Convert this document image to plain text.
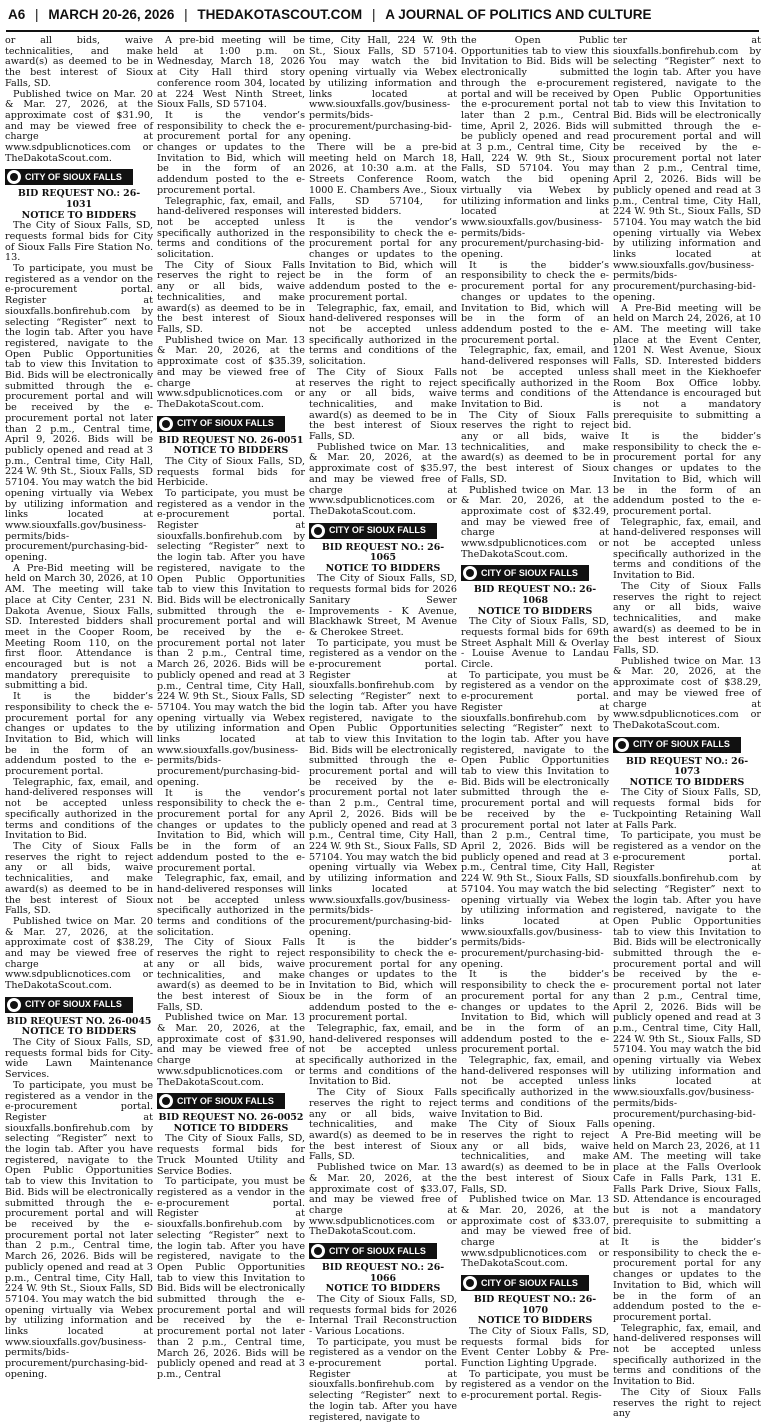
A6 | MARCH 20-26, 2026 | THEDAKOTASCOUT.COM | A JOURNAL OF POLITICS AND CULTURE

or all bids, waive technicalities, and make award(s) as deemed to be in the best interest of Sioux Falls, SD.

Published twice on Mar. 20 & Mar. 27, 2026, at the approximate cost of $31.90, and may be viewed free of charge at www.sdpublicnotices.com or TheDakotaScout.com.

CITY OF SIOUX FALLS
BID REQUEST NO.: 26-1031
NOTICE TO BIDDERS

The City of Sioux Falls, SD, requests formal bids for City of Sioux Falls Fire Station No. 13.

To participate, you must be registered as a vendor on the e-procurement portal. Register at siouxfalls.bonfirehub.com by selecting “Register” next to the login tab. After you have registered, navigate to the Open Public Opportunities tab to view this Invitation to Bid. Bids will be electronically submitted through the e-procurement portal and will be received by the e-procurement portal not later than 2 p.m., Central time, April 9, 2026. Bids will be publicly opened and read at 3 p.m., Central time, City Hall, 224 W. 9th St., Sioux Falls, SD 57104. You may watch the bid opening virtually via Webex by utilizing information and links located at www.siouxfalls.gov/business-permits/bids-procurement/purchasing-bid-opening.

A Pre-Bid meeting will be held on March 30, 2026, at 10 AM. The meeting will take place at City Center, 231 N. Dakota Avenue, Sioux Falls, SD. Interested bidders shall meet in the Cooper Room, Meeting Room 110, on the first floor. Attendance is encouraged but is not a mandatory prerequisite to submitting a bid.

It is the bidder’s responsibility to check the e-procurement portal for any changes or updates to the Invitation to Bid, which will be in the form of an addendum posted to the e-procurement portal.

Telegraphic, fax, email, and hand-delivered responses will not be accepted unless specifically authorized in the terms and conditions of the Invitation to Bid.

The City of Sioux Falls reserves the right to reject any or all bids, waive technicalities, and make award(s) as deemed to be in the best interest of Sioux Falls, SD.

Published twice on Mar. 20 & Mar. 27, 2026, at the approximate cost of $38.29, and may be viewed free of charge at www.sdpublicnotices.com or TheDakotaScout.com.

CITY OF SIOUX FALLS
BID REQUEST NO. 26-0045
NOTICE TO BIDDERS

The City of Sioux Falls, SD, requests formal bids for City-wide Lawn Maintenance Services.

To participate, you must be registered as a vendor in the e-procurement portal. Register at siouxfalls.bonfirehub.com by selecting “Register” next to the login tab. After you have registered, navigate to the Open Public Opportunities tab to view this Invitation to Bid. Bids will be electronically submitted through the e-procurement portal and will be received by the e-procurement portal not later than 2 p.m., Central time, March 26, 2026. Bids will be publicly opened and read at 3 p.m., Central time, City Hall, 224 W. 9th St., Sioux Falls, SD 57104. You may watch the bid opening virtually via Webex by utilizing information and links located at www.siouxfalls.gov/business-permits/bids-procurement/purchasing-bid-opening.

A pre-bid meeting will be held at 1:00 p.m. on Wednesday, March 18, 2026 at City Hall third story conference room 304, located at 224 West Ninth Street, Sioux Falls, SD 57104.

It is the vendor’s responsibility to check the e-procurement portal for any changes or updates to the Invitation to Bid, which will be in the form of an addendum posted to the e-procurement portal.

Telegraphic, fax, email, and hand-delivered responses will not be accepted unless specifically authorized in the terms and conditions of the solicitation.

The City of Sioux Falls reserves the right to reject any or all bids, waive technicalities, and make award(s) as deemed to be in the best interest of Sioux Falls, SD.

Published twice on Mar. 13 & Mar. 20, 2026, at the approximate cost of $35.39, and may be viewed free of charge at www.sdpublicnotices.com or TheDakotaScout.com.

CITY OF SIOUX FALLS
BID REQUEST NO. 26-0051
NOTICE TO BIDDERS

The City of Sioux Falls, SD, requests formal bids for Herbicide.

To participate, you must be registered as a vendor in the e-procurement portal. Register at siouxfalls.bonfirehub.com by selecting “Register” next to the login tab. After you have registered, navigate to the Open Public Opportunities tab to view this Invitation to Bid. Bids will be electronically submitted through the e-procurement portal and will be received by the e-procurement portal not later than 2 p.m., Central time, March 26, 2026. Bids will be publicly opened and read at 3 p.m., Central time, City Hall, 224 W. 9th St., Sioux Falls, SD 57104. You may watch the bid opening virtually via Webex by utilizing information and links located at www.siouxfalls.gov/business-permits/bids-procurement/purchasing-bid-opening.

It is the vendor’s responsibility to check the e-procurement portal for any changes or updates to the Invitation to Bid, which will be in the form of an addendum posted to the e-procurement portal.

Telegraphic, fax, email, and hand-delivered responses will not be accepted unless specifically authorized in the terms and conditions of the solicitation.

The City of Sioux Falls reserves the right to reject any or all bids, waive technicalities, and make award(s) as deemed to be in the best interest of Sioux Falls, SD.

Published twice on Mar. 13 & Mar. 20, 2026, at the approximate cost of $31.90, and may be viewed free of charge at www.sdpublicnotices.com or TheDakotaScout.com.

CITY OF SIOUX FALLS
BID REQUEST NO. 26-0052
NOTICE TO BIDDERS

The City of Sioux Falls, SD, requests formal bids for Truck Mounted Utility and Service Bodies.

To participate, you must be registered as a vendor in the e-procurement portal. Register at siouxfalls.bonfirehub.com by selecting “Register” next to the login tab. After you have registered, navigate to the Open Public Opportunities tab to view this Invitation to Bid. Bids will be electronically submitted through the e-procurement portal and will be received by the e-procurement portal not later than 2 p.m., Central time, March 26, 2026. Bids will be publicly opened and read at 3 p.m., Central

time, City Hall, 224 W. 9th St., Sioux Falls, SD 57104. You may watch the bid opening virtually via Webex by utilizing information and links located at www.siouxfalls.gov/business-permits/bids-procurement/purchasing-bid-opening.

There will be a pre-bid meeting held on March 18, 2026, at 10:30 a.m. at the Streets Conference Room, 1000 E. Chambers Ave., Sioux Falls, SD 57104, for interested bidders.

It is the vendor’s responsibility to check the e-procurement portal for any changes or updates to the Invitation to Bid, which will be in the form of an addendum posted to the e-procurement portal.

Telegraphic, fax, email, and hand-delivered responses will not be accepted unless specifically authorized in the terms and conditions of the solicitation.

The City of Sioux Falls reserves the right to reject any or all bids, waive technicalities, and make award(s) as deemed to be in the best interest of Sioux Falls, SD.

Published twice on Mar. 13 & Mar. 20, 2026, at the approximate cost of $35.97, and may be viewed free of charge at www.sdpublicnotices.com or TheDakotaScout.com.

CITY OF SIOUX FALLS
BID REQUEST NO.: 26-1065
NOTICE TO BIDDERS

The City of Sioux Falls, SD, requests formal bids for 2026 Sanitary Sewer Improvements - K Avenue, Blackhawk Street, M Avenue & Cherokee Street.

To participate, you must be registered as a vendor on the e-procurement portal. Register at siouxfalls.bonfirehub.com by selecting “Register” next to the login tab. After you have registered, navigate to the Open Public Opportunities tab to view this Invitation to Bid. Bids will be electronically submitted through the e-procurement portal and will be received by the e-procurement portal not later than 2 p.m., Central time, April 2, 2026. Bids will be publicly opened and read at 3 p.m., Central time, City Hall, 224 W. 9th St., Sioux Falls, SD 57104. You may watch the bid opening virtually via Webex by utilizing information and links located at www.siouxfalls.gov/business-permits/bids-procurement/purchasing-bid-opening.

It is the bidder’s responsibility to check the e-procurement portal for any changes or updates to the Invitation to Bid, which will be in the form of an addendum posted to the e-procurement portal.

Telegraphic, fax, email, and hand-delivered responses will not be accepted unless specifically authorized in the terms and conditions of the Invitation to Bid.

The City of Sioux Falls reserves the right to reject any or all bids, waive technicalities, and make award(s) as deemed to be in the best interest of Sioux Falls, SD.

Published twice on Mar. 13 & Mar. 20, 2026, at the approximate cost of $33.07, and may be viewed free of charge at www.sdpublicnotices.com or TheDakotaScout.com.

CITY OF SIOUX FALLS
BID REQUEST NO.: 26-1066
NOTICE TO BIDDERS

The City of Sioux Falls, SD, requests formal bids for 2026 Internal Trail Reconstruction - Various Locations.

To participate, you must be registered as a vendor on the e-procurement portal. Register at siouxfalls.bonfirehub.com by selecting “Register” next to the login tab. After you have registered, navigate to

the Open Public Opportunities tab to view this Invitation to Bid. Bids will be electronically submitted through the e-procurement portal and will be received by the e-procurement portal not later than 2 p.m., Central time, April 2, 2026. Bids will be publicly opened and read at 3 p.m., Central time, City Hall, 224 W. 9th St., Sioux Falls, SD 57104. You may watch the bid opening virtually via Webex by utilizing information and links located at www.siouxfalls.gov/business-permits/bids-procurement/purchasing-bid-opening.

It is the bidder’s responsibility to check the e-procurement portal for any changes or updates to the Invitation to Bid, which will be in the form of an addendum posted to the e-procurement portal.

Telegraphic, fax, email, and hand-delivered responses will not be accepted unless specifically authorized in the terms and conditions of the Invitation to Bid.

The City of Sioux Falls reserves the right to reject any or all bids, waive technicalities, and make award(s) as deemed to be in the best interest of Sioux Falls, SD.

Published twice on Mar. 13 & Mar. 20, 2026, at the approximate cost of $32.49, and may be viewed free of charge at www.sdpublicnotices.com or TheDakotaScout.com.

CITY OF SIOUX FALLS
BID REQUEST NO.: 26-1068
NOTICE TO BIDDERS

The City of Sioux Falls, SD, requests formal bids for 69th Street Asphalt Mill & Overlay - Louise Avenue to Landau Circle.

To participate, you must be registered as a vendor on the e-procurement portal. Register at siouxfalls.bonfirehub.com by selecting “Register” next to the login tab. After you have registered, navigate to the Open Public Opportunities tab to view this Invitation to Bid. Bids will be electronically submitted through the e-procurement portal and will be received by the e-procurement portal not later than 2 p.m., Central time, April 2, 2026. Bids will be publicly opened and read at 3 p.m., Central time, City Hall, 224 W. 9th St., Sioux Falls, SD 57104. You may watch the bid opening virtually via Webex by utilizing information and links located at www.siouxfalls.gov/business-permits/bids-procurement/purchasing-bid-opening.

It is the bidder’s responsibility to check the e-procurement portal for any changes or updates to the Invitation to Bid, which will be in the form of an addendum posted to the e-procurement portal.

Telegraphic, fax, email, and hand-delivered responses will not be accepted unless specifically authorized in the terms and conditions of the Invitation to Bid.

The City of Sioux Falls reserves the right to reject any or all bids, waive technicalities, and make award(s) as deemed to be in the best interest of Sioux Falls, SD.

Published twice on Mar. 13 & Mar. 20, 2026, at the approximate cost of $33.07, and may be viewed free of charge at www.sdpublicnotices.com or TheDakotaScout.com.

CITY OF SIOUX FALLS
BID REQUEST NO.: 26-1070
NOTICE TO BIDDERS

The City of Sioux Falls, SD, requests formal bids for Event Center Lobby & Pre-Function Lighting Upgrade.

To participate, you must be registered as a vendor on the e-procurement portal. Regis-

ter at siouxfalls.bonfirehub.com by selecting “Register” next to the login tab. After you have registered, navigate to the Open Public Opportunities tab to view this Invitation to Bid. Bids will be electronically submitted through the e-procurement portal and will be received by the e-procurement portal not later than 2 p.m., Central time, April 2, 2026. Bids will be publicly opened and read at 3 p.m., Central time, City Hall, 224 W. 9th St., Sioux Falls, SD 57104. You may watch the bid opening virtually via Webex by utilizing information and links located at www.siouxfalls.gov/business-permits/bids-procurement/purchasing-bid-opening.

A Pre-Bid meeting will be held on March 24, 2026, at 10 AM. The meeting will take place at the Event Center, 1201 N. West Avenue, Sioux Falls, SD. Interested bidders shall meet in the Kiekhoefer Room Box Office lobby. Attendance is encouraged but is not a mandatory prerequisite to submitting a bid.

It is the bidder’s responsibility to check the e-procurement portal for any changes or updates to the Invitation to Bid, which will be in the form of an addendum posted to the e-procurement portal.

Telegraphic, fax, email, and hand-delivered responses will not be accepted unless specifically authorized in the terms and conditions of the Invitation to Bid.

The City of Sioux Falls reserves the right to reject any or all bids, waive technicalities, and make award(s) as deemed to be in the best interest of Sioux Falls, SD.

Published twice on Mar. 13 & Mar. 20, 2026, at the approximate cost of $38.29, and may be viewed free of charge at www.sdpublicnotices.com or TheDakotaScout.com.

CITY OF SIOUX FALLS
BID REQUEST NO.: 26-1073
NOTICE TO BIDDERS

The City of Sioux Falls, SD, requests formal bids for Tuckpointing Retaining Wall at Falls Park.

To participate, you must be registered as a vendor on the e-procurement portal. Register at siouxfalls.bonfirehub.com by selecting “Register” next to the login tab. After you have registered, navigate to the Open Public Opportunities tab to view this Invitation to Bid. Bids will be electronically submitted through the e-procurement portal and will be received by the e-procurement portal not later than 2 p.m., Central time, April 2, 2026. Bids will be publicly opened and read at 3 p.m., Central time, City Hall, 224 W. 9th St., Sioux Falls, SD 57104. You may watch the bid opening virtually via Webex by utilizing information and links located at www.siouxfalls.gov/business-permits/bids-procurement/purchasing-bid-opening.

A Pre-Bid meeting will be held on March 23, 2026, at 11 AM. The meeting will take place at the Falls Overlook Cafe in Falls Park, 131 E. Falls Park Drive, Sioux Falls, SD. Attendance is encouraged but is not a mandatory prerequisite to submitting a bid.

It is the bidder’s responsibility to check the e-procurement portal for any changes or updates to the Invitation to Bid, which will be in the form of an addendum posted to the e-procurement portal.

Telegraphic, fax, email, and hand-delivered responses will not be accepted unless specifically authorized in the terms and conditions of the Invitation to Bid.

The City of Sioux Falls reserves the right to reject any
